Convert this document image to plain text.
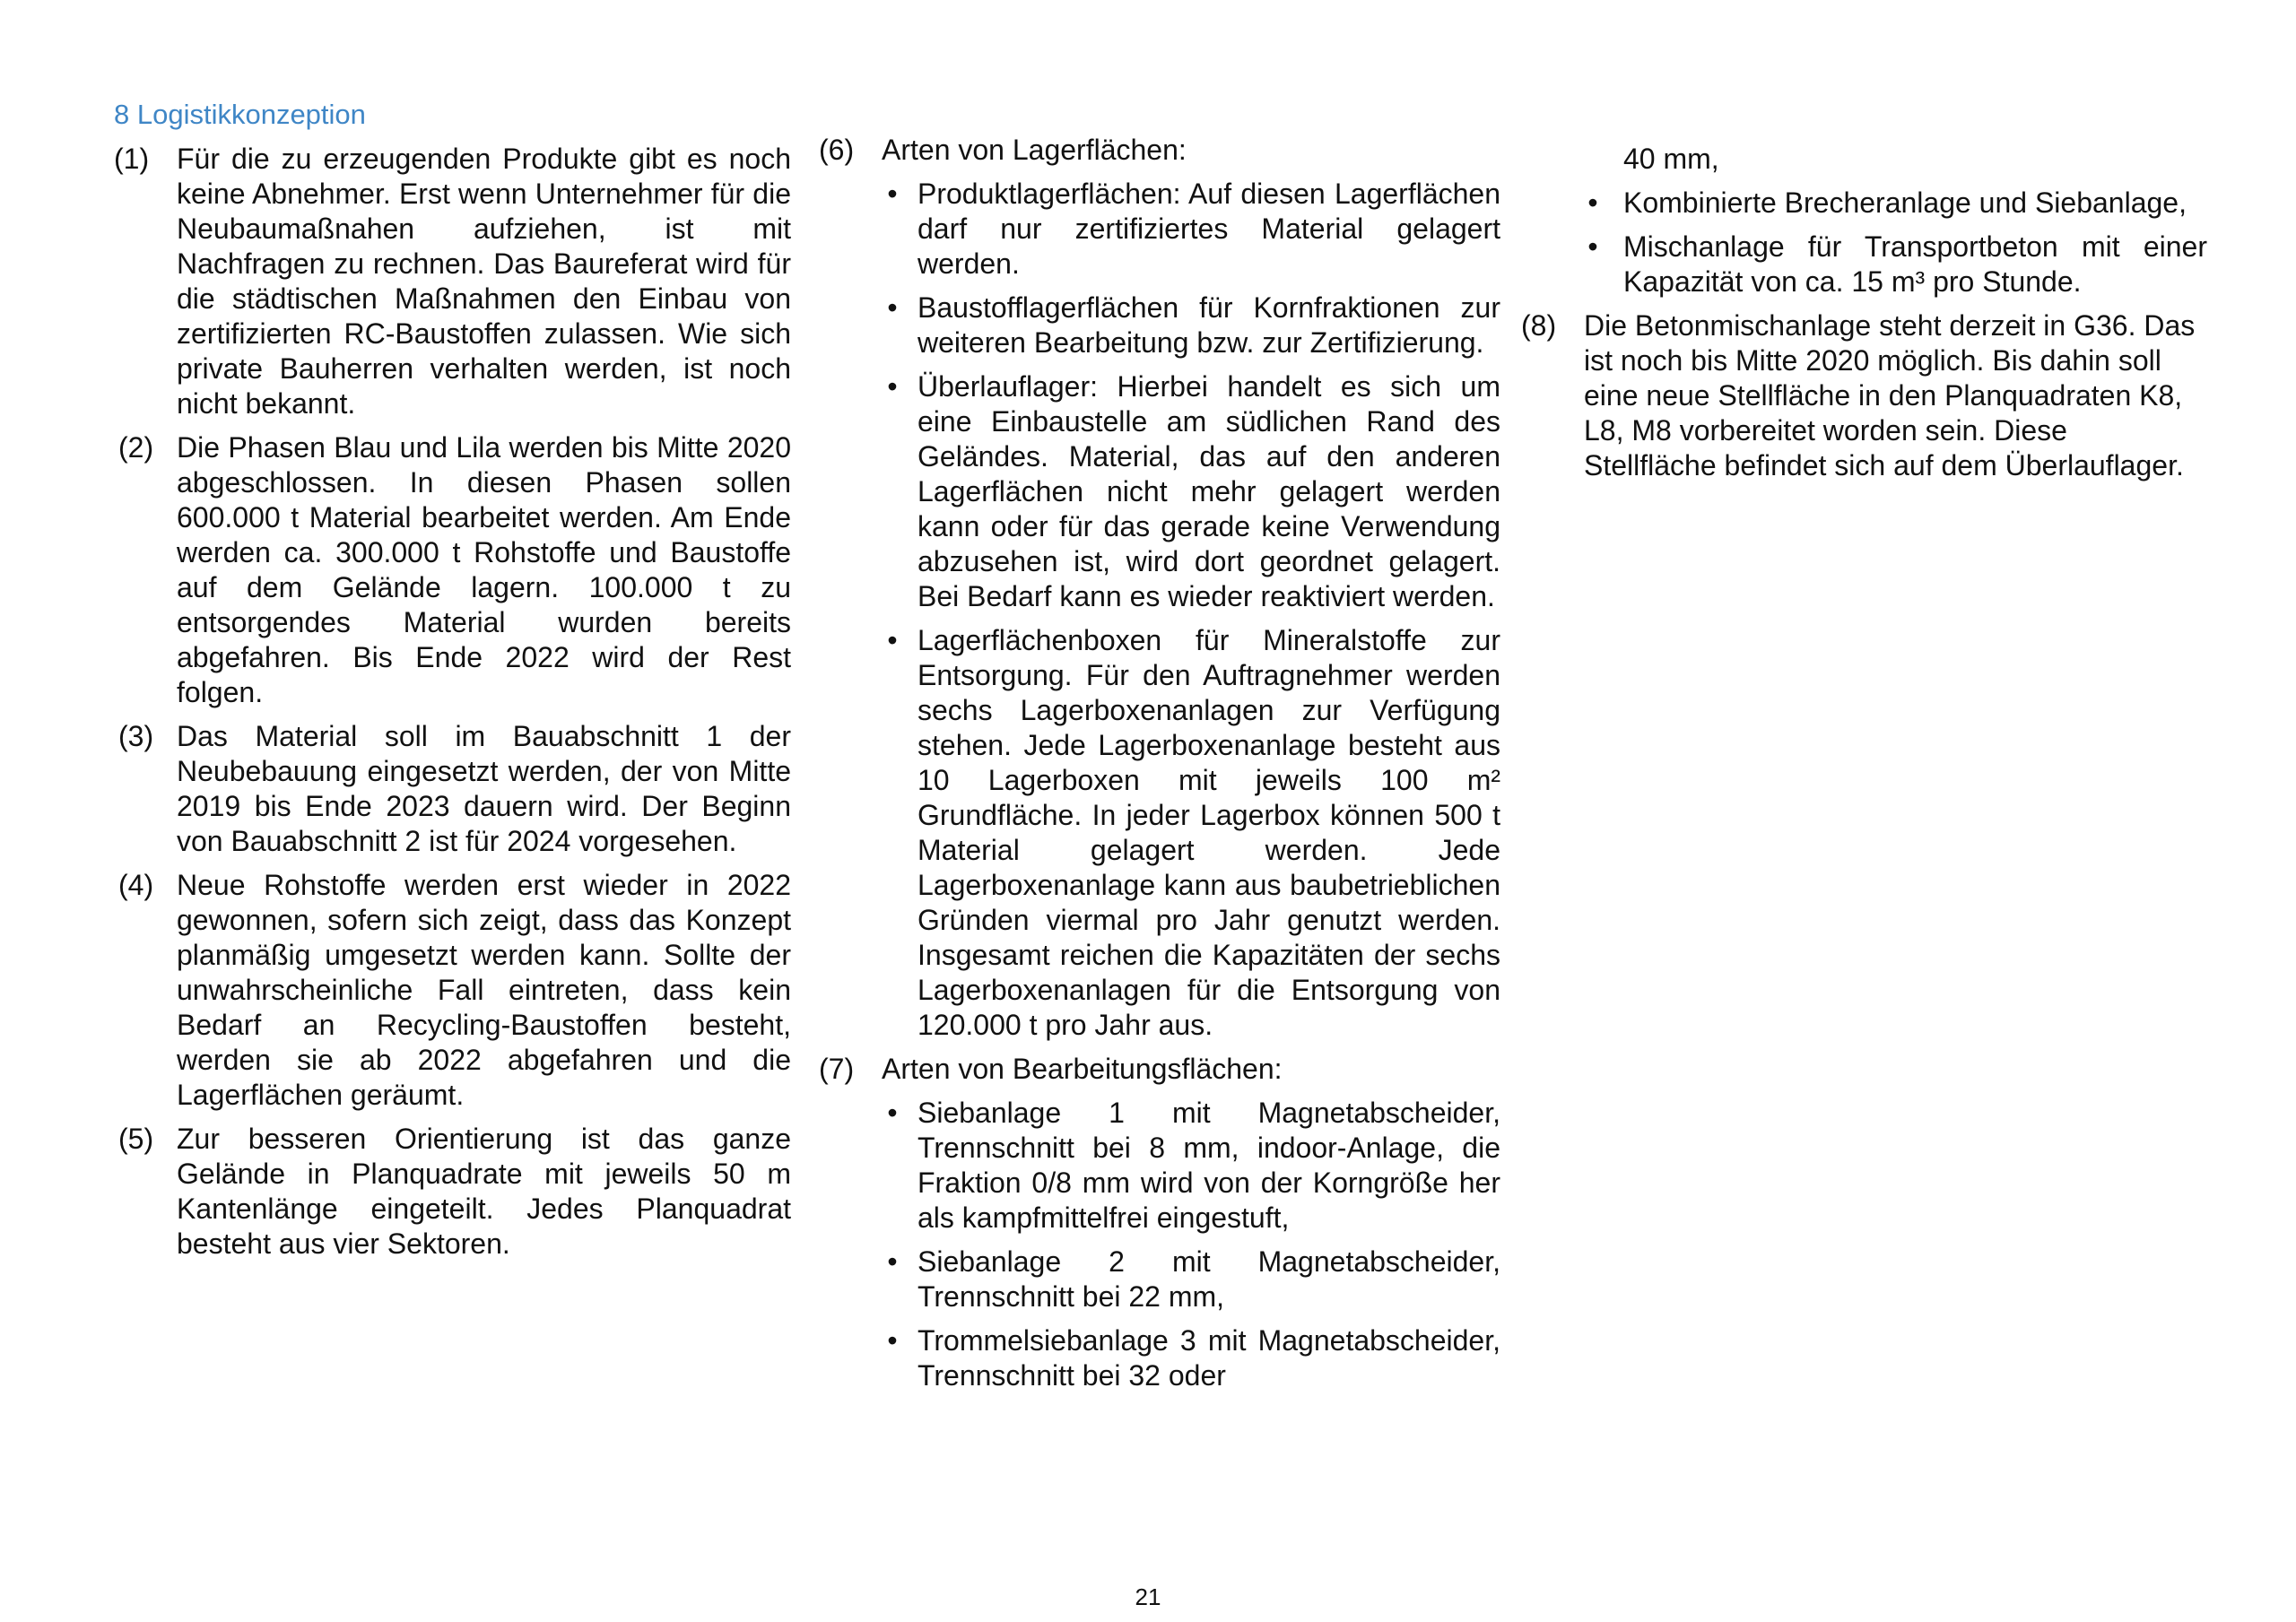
8 Logistikkonzeption
(1) Für die zu erzeugenden Produkte gibt es noch keine Abnehmer. Erst wenn Unternehmer für die Neubaumaßnahen aufziehen, ist mit Nachfragen zu rechnen. Das Baureferat wird für die städtischen Maßnahmen den Einbau von zertifizierten RC-Baustoffen zulassen. Wie sich private Bauherren verhalten werden, ist noch nicht bekannt.

(2) Die Phasen Blau und Lila werden bis Mitte 2020 abgeschlossen. In diesen Phasen sollen 600.000 t Material bearbeitet werden. Am Ende werden ca. 300.000 t Rohstoffe und Baustoffe auf dem Gelände lagern. 100.000 t zu entsorgendes Material wurden bereits abgefahren. Bis Ende 2022 wird der Rest folgen.

(3) Das Material soll im Bauabschnitt 1 der Neubebauung eingesetzt werden, der von Mitte 2019 bis Ende 2023 dauern wird. Der Beginn von Bauabschnitt 2 ist für 2024 vorgesehen.

(4) Neue Rohstoffe werden erst wieder in 2022 gewonnen, sofern sich zeigt, dass das Konzept planmäßig umgesetzt werden kann. Sollte der unwahrscheinliche Fall eintreten, dass kein Bedarf an Recycling-Baustoffen besteht, werden sie ab 2022 abgefahren und die Lagerflächen geräumt.

(5) Zur besseren Orientierung ist das ganze Gelände in Planquadrate mit jeweils 50 m Kantenlänge eingeteilt. Jedes Planquadrat besteht aus vier Sektoren.

(6) Arten von Lagerflächen:

• Produktlagerflächen: Auf diesen Lagerflächen darf nur zertifiziertes Material gelagert werden.

• Baustofflagerflächen für Kornfraktionen zur weiteren Bearbeitung bzw. zur Zertifizierung.

• Überlauflager: Hierbei handelt es sich um eine Einbaustelle am südlichen Rand des Geländes. Material, das auf den anderen Lagerflächen nicht mehr gelagert werden kann oder für das gerade keine Verwendung abzusehen ist, wird dort geordnet gelagert. Bei Bedarf kann es wieder reaktiviert werden.

• Lagerflächenboxen für Mineralstoffe zur Entsorgung. Für den Auftragnehmer werden sechs Lagerboxenanlagen zur Verfügung stehen. Jede Lagerboxenanlage besteht aus 10 Lagerboxen mit jeweils 100 m² Grundfläche. In jeder Lagerbox können 500 t Material gelagert werden. Jede Lagerboxenanlage kann aus baubetrieblichen Gründen viermal pro Jahr genutzt werden. Insgesamt reichen die Kapazitäten der sechs Lagerboxenanlagen für die Entsorgung von 120.000 t pro Jahr aus.

(7) Arten von Bearbeitungsflächen:

• Siebanlage 1 mit Magnetabscheider, Trennschnitt bei 8 mm, indoor-Anlage, die Fraktion 0/8 mm wird von der Korngröße her als kampfmittelfrei eingestuft,

• Siebanlage 2 mit Magnetabscheider, Trennschnitt bei 22 mm,

• Trommelsiebanlage 3 mit Magnetabscheider, Trennschnitt bei 32 oder

40 mm,

• Kombinierte Brecheranlage und Siebanlage,

• Mischanlage für Transportbeton mit einer Kapazität von ca. 15 m³ pro Stunde.

(8) Die Betonmischanlage steht derzeit in G36. Das ist noch bis Mitte 2020 möglich. Bis dahin soll eine neue Stellfläche in den Planquadraten K8, L8, M8 vorbereitet worden sein. Diese Stellfläche befindet sich auf dem Überlauflager.

21
